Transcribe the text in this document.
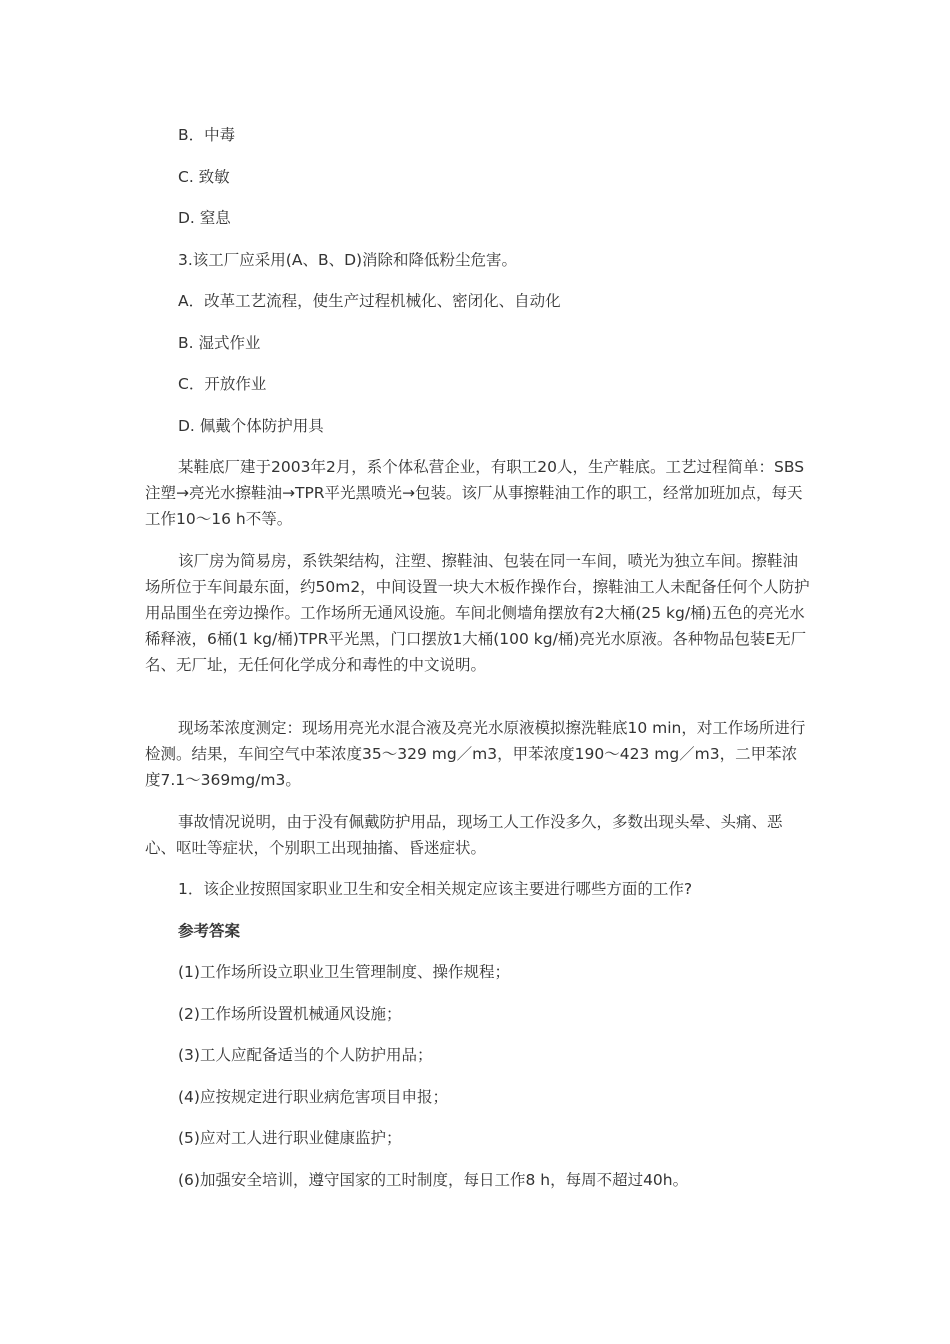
B．中毒

C. 致敏

D. 窒息

3.该工厂应采用(A、B、D)消除和降低粉尘危害。

A．改革工艺流程，使生产过程机械化、密闭化、自动化

B. 湿式作业

C．开放作业

D. 佩戴个体防护用具

某鞋底厂建于2003年2月，系个体私营企业，有职工20人，生产鞋底。工艺过程简单：SBS注塑→亮光水擦鞋油→TPR平光黑喷光→包装。该厂从事擦鞋油工作的职工，经常加班加点，每天工作10～16 h不等。

该厂房为简易房，系铁架结构，注塑、擦鞋油、包装在同一车间，喷光为独立车间。擦鞋油场所位于车间最东面，约50m2，中间设置一块大木板作操作台，擦鞋油工人未配备任何个人防护用品围坐在旁边操作。工作场所无通风设施。车间北侧墙角摆放有2大桶(25 kg/桶)五色的亮光水稀释液，6桶(1 kg/桶)TPR平光黑，门口摆放1大桶(100 kg/桶)亮光水原液。各种物品包装E无厂名、无厂址，无任何化学成分和毒性的中文说明。

现场苯浓度测定：现场用亮光水混合液及亮光水原液模拟擦洗鞋底10 min，对工作场所进行检测。结果，车间空气中苯浓度35～329 mg／m3，甲苯浓度190～423 mg／m3，二甲苯浓度7.1～369mg/m3。

事故情况说明，由于没有佩戴防护用品，现场工人工作没多久，多数出现头晕、头痛、恶心、呕吐等症状，个别职工出现抽搐、昏迷症状。

1．该企业按照国家职业卫生和安全相关规定应该主要进行哪些方面的工作?

参考答案

(1)工作场所设立职业卫生管理制度、操作规程；

(2)工作场所设置机械通风设施；

(3)工人应配备适当的个人防护用品；

(4)应按规定进行职业病危害项目申报；

(5)应对工人进行职业健康监护；

(6)加强安全培训，遵守国家的工时制度，每日工作8 h，每周不超过40h。
